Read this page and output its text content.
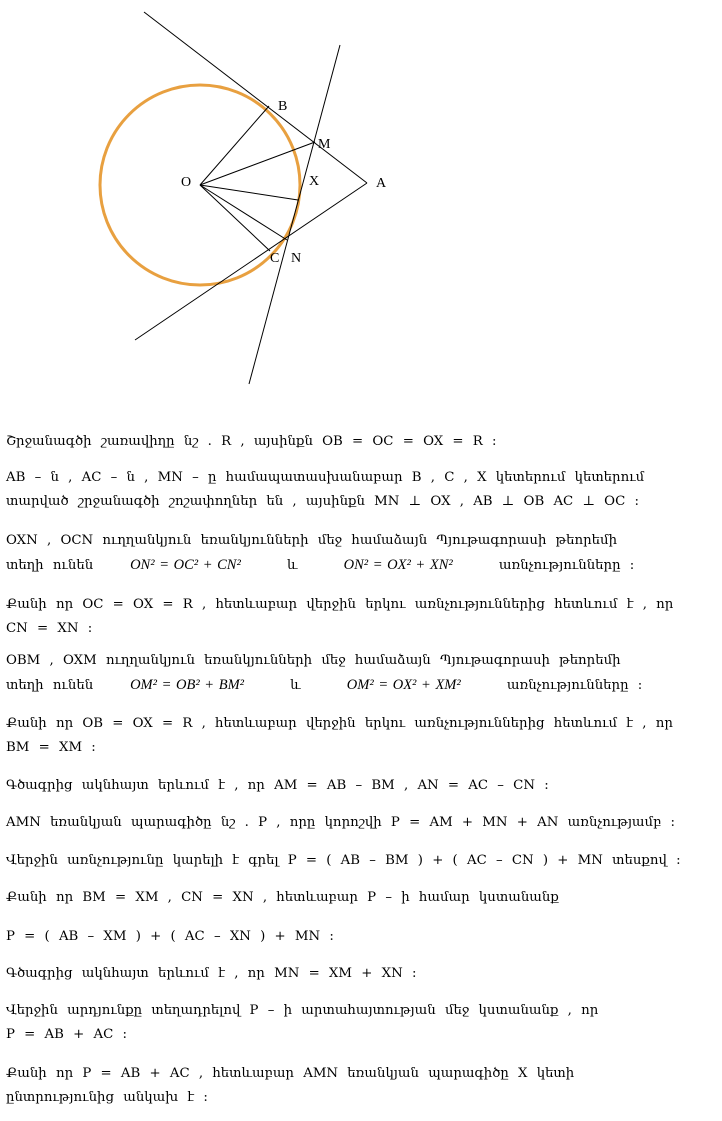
O
B
M
X	A
C N

Շրջանագծի շառավիղը նշ . R , այսինքն OB = OC = OX = R :

AB – ն , AC – ն , MN – ը համապատասխանաբար B , C , X կետերում կետերում
տարված շրջանագծի շոշափողներ են , այսինքն MN ⊥ OX , AB ⊥ OB AC ⊥ OC :

OXN , OCN ուղղանկյուն եռանկյունների մեջ համաձայն Պյութագորասի թեորեմի
տեղի ունեն	ON² = OC² + CN²	և	ON² = OX² + XN²	առնչությունները :

Քանի որ OC = OX = R , հետևաբար վերջին երկու առնչություններից հետևում է , որ
CN = XN :

OBM , OXM ուղղանկյուն եռանկյունների մեջ համաձայն Պյութագորասի թեորեմի
տեղի ունեն	OM² = OB² + BM²	և	OM² = OX² + XM²	առնչությունները :

Քանի որ OB = OX = R , հետևաբար վերջին երկու առնչություններից հետևում է , որ
BM = XM :

Գծագրից ակնհայտ երևում է , որ AM = AB – BM , AN = AC – CN :

AMN եռանկյան պարագիծը նշ . P , որը կորոշվի P = AM + MN + AN առնչությամբ :

Վերջին առնչությունը կարելի է գրել P = ( AB – BM ) + ( AC – CN ) + MN տեսքով :

Քանի որ BM = XM , CN = XN , հետևաբար P – ի համար կստանանք

P = ( AB – XM ) + ( AC – XN ) + MN :

Գծագրից ակնհայտ երևում է , որ MN = XM + XN :

Վերջին արդյունքը տեղադրելով P – ի արտահայտության մեջ կստանանք , որ
P = AB + AC :

Քանի որ P = AB + AC , հետևաբար AMN եռանկյան պարագիծը X կետի
ընտրությունից անկախ է :
